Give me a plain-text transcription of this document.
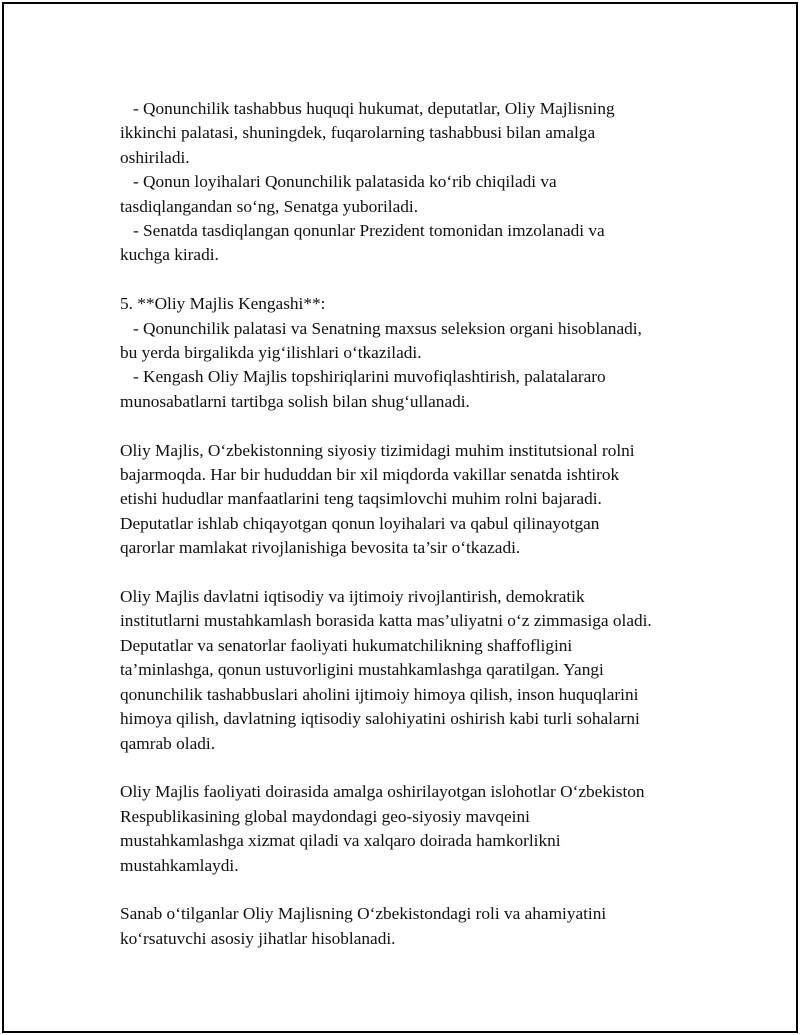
- Qonunchilik tashabbus huquqi hukumat, deputatlar, Oliy Majlisning
ikkinchi palatasi, shuningdek, fuqarolarning tashabbusi bilan amalga
oshiriladi.
- Qonun loyihalari Qonunchilik palatasida ko‘rib chiqiladi va
tasdiqlangandan so‘ng, Senatga yuboriladi.
- Senatda tasdiqlangan qonunlar Prezident tomonidan imzolanadi va
kuchga kiradi.
5. **Oliy Majlis Kengashi**:
- Qonunchilik palatasi va Senatning maxsus seleksion organi hisoblanadi,
bu yerda birgalikda yig‘ilishlari o‘tkaziladi.
- Kengash Oliy Majlis topshiriqlarini muvofiqlashtirish, palatalararo
munosabatlarni tartibga solish bilan shug‘ullanadi.
Oliy Majlis, O‘zbekistonning siyosiy tizimidagi muhim institutsional rolni
bajarmoqda. Har bir hududdan bir xil miqdorda vakillar senatda ishtirok
etishi hududlar manfaatlarini teng taqsimlovchi muhim rolni bajaradi.
Deputatlar ishlab chiqayotgan qonun loyihalari va qabul qilinayotgan
qarorlar mamlakat rivojlanishiga bevosita ta’sir o‘tkazadi.
Oliy Majlis davlatni iqtisodiy va ijtimoiy rivojlantirish, demokratik
institutlarni mustahkamlash borasida katta mas’uliyatni o‘z zimmasiga oladi.
Deputatlar va senatorlar faoliyati hukumatchilikning shaffofligini
ta’minlashga, qonun ustuvorligini mustahkamlashga qaratilgan. Yangi
qonunchilik tashabbuslari aholini ijtimoiy himoya qilish, inson huquqlarini
himoya qilish, davlatning iqtisodiy salohiyatini oshirish kabi turli sohalarni
qamrab oladi.
Oliy Majlis faoliyati doirasida amalga oshirilayotgan islohotlar O‘zbekiston
Respublikasining global maydondagi geo-siyosiy mavqeini
mustahkamlashga xizmat qiladi va xalqaro doirada hamkorlikni
mustahkamlaydi.
Sanab o‘tilganlar Oliy Majlisning O‘zbekistondagi roli va ahamiyatini
ko‘rsatuvchi asosiy jihatlar hisoblanadi.
